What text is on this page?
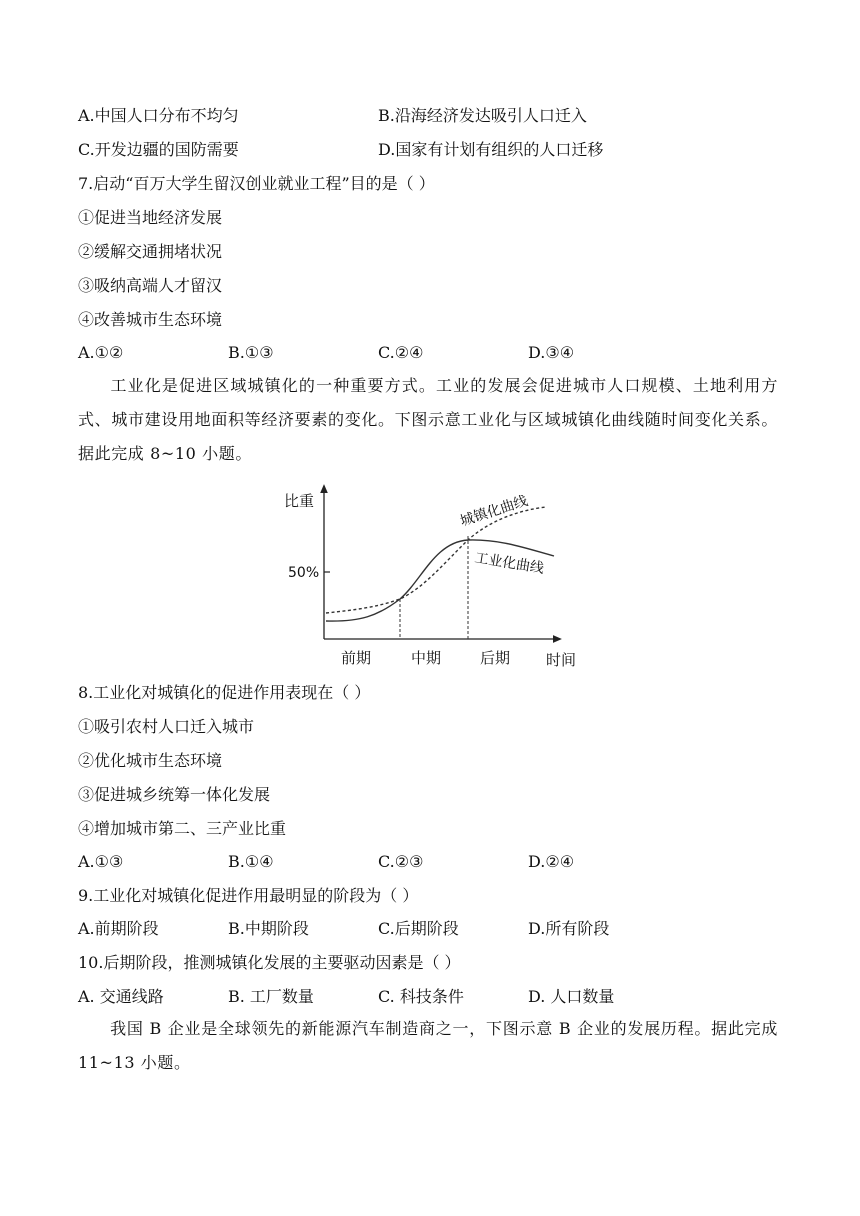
A.中国人口分布不均匀	B.沿海经济发达吸引人口迁入
C.开发边疆的国防需要	D.国家有计划有组织的人口迁移
7.启动“百万大学生留汉创业就业工程”目的是（ ）
①促进当地经济发展
②缓解交通拥堵状况
③吸纳高端人才留汉
④改善城市生态环境
A.①②	B.①③	C.②④	D.③④
工业化是促进区域城镇化的一种重要方式。工业的发展会促进城市人口规模、土地利用方式、城市建设用地面积等经济要素的变化。下图示意工业化与区域城镇化曲线随时间变化关系。据此完成 8~10 小题。
比重
50%
时间
前期	中期	后期
城镇化曲线
工业化曲线
8.工业化对城镇化的促进作用表现在（ ）
①吸引农村人口迁入城市
②优化城市生态环境
③促进城乡统筹一体化发展
④增加城市第二、三产业比重
A.①③	B.①④	C.②③	D.②④
9.工业化对城镇化促进作用最明显的阶段为（ ）
A.前期阶段	B.中期阶段	C.后期阶段	D.所有阶段
10.后期阶段，推测城镇化发展的主要驱动因素是（ ）
A. 交通线路	B. 工厂数量	C. 科技条件	D. 人口数量
我国 B 企业是全球领先的新能源汽车制造商之一，下图示意 B 企业的发展历程。据此完成 11~13 小题。
